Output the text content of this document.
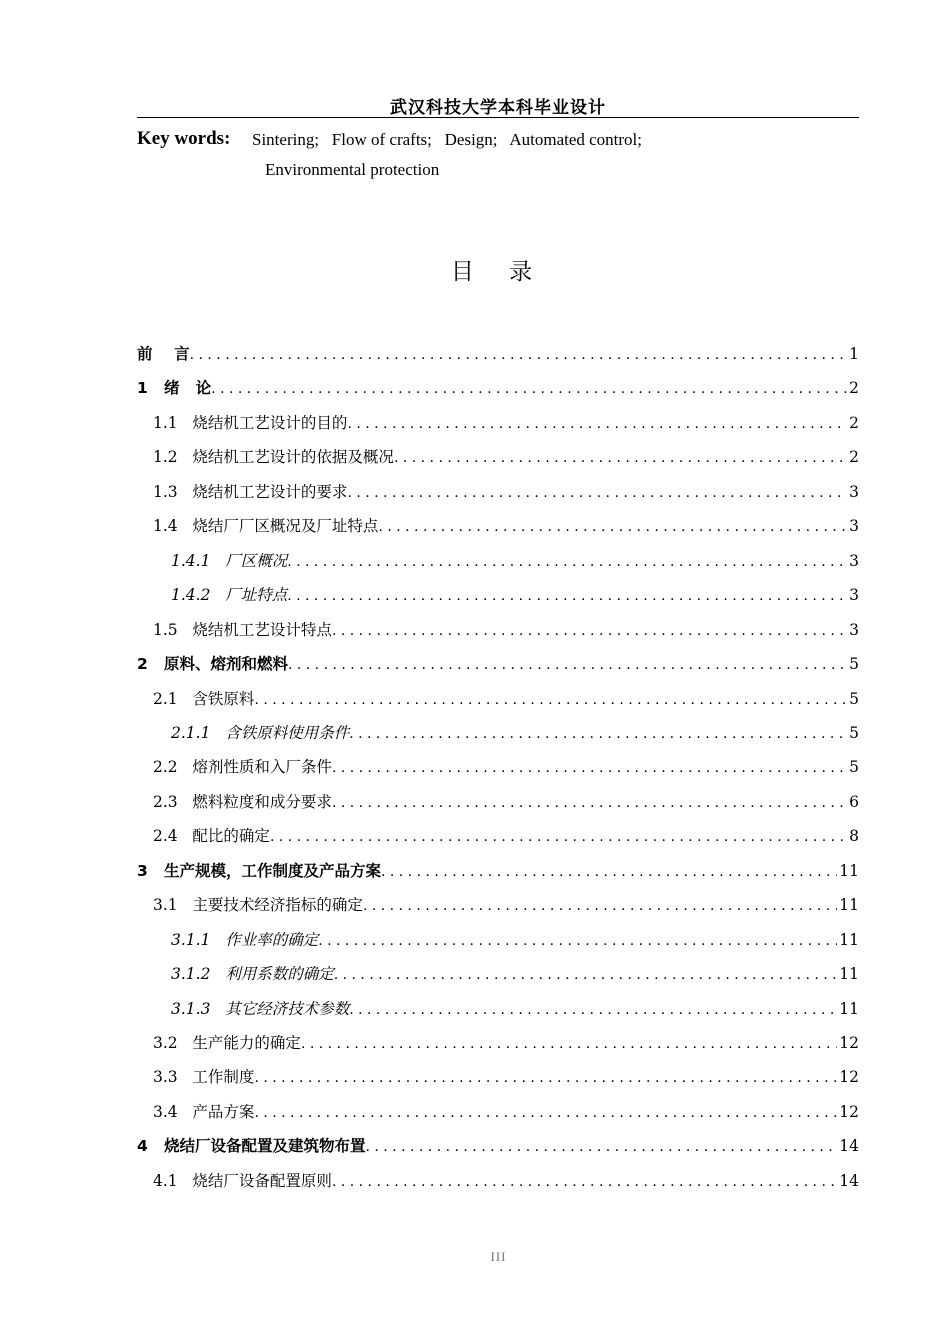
武汉科技大学本科毕业设计
Key words: Sintering;   Flow of crafts;   Design;   Automated control;
Environmental protection
目 录
前    言 . . .	1
1   绪   论 . . .	2
1.1   烧结机工艺设计的目的 . . .	2
1.2   烧结机工艺设计的依据及概况 . . .	2
1.3   烧结机工艺设计的要求 . . .	3
1.4   烧结厂厂区概况及厂址特点 . . .	3
1.4.1   厂区概况 . . .	3
1.4.2   厂址特点 . . .	3
1.5   烧结机工艺设计特点 . . .	3
2   原料、熔剂和燃料 . . .	5
2.1   含铁原料 . . .	5
2.1.1   含铁原料使用条件 . . .	5
2.2   熔剂性质和入厂条件 . . .	5
2.3   燃料粒度和成分要求 . . .	6
2.4   配比的确定 . . .	8
3   生产规模，工作制度及产品方案 . . .	11
3.1   主要技术经济指标的确定 . . .	11
3.1.1   作业率的确定 . . .	11
3.1.2   利用系数的确定 . . .	11
3.1.3   其它经济技术参数 . . .	11
3.2   生产能力的确定 . . .	12
3.3   工作制度 . . .	12
3.4   产品方案 . . .	12
4   烧结厂设备配置及建筑物布置 . . .	14
4.1   烧结厂设备配置原则 . . .	14
III
